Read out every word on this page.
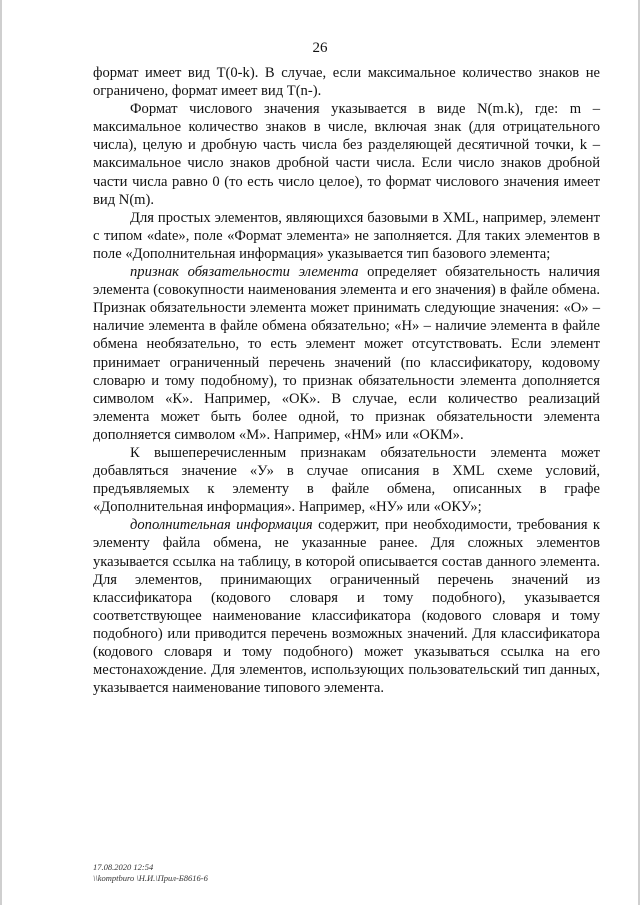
26

формат имеет вид T(0-k). В случае, если максимальное количество знаков не ограничено, формат имеет вид T(n-).

Формат числового значения указывается в виде N(m.k), где: m – максимальное количество знаков в числе, включая знак (для отрицательного числа), целую и дробную часть числа без разделяющей десятичной точки, k – максимальное число знаков дробной части числа. Если число знаков дробной части числа равно 0 (то есть число целое), то формат числового значения имеет вид N(m).

Для простых элементов, являющихся базовыми в XML, например, элемент с типом «date», поле «Формат элемента» не заполняется. Для таких элементов в поле «Дополнительная информация» указывается тип базового элемента;

признак обязательности элемента определяет обязательность наличия элемента (совокупности наименования элемента и его значения) в файле обмена. Признак обязательности элемента может принимать следующие значения: «О» – наличие элемента в файле обмена обязательно; «Н» – наличие элемента в файле обмена необязательно, то есть элемент может отсутствовать. Если элемент принимает ограниченный перечень значений (по классификатору, кодовому словарю и тому подобному), то признак обязательности элемента дополняется символом «К». Например, «ОК». В случае, если количество реализаций элемента может быть более одной, то признак обязательности элемента дополняется символом «М». Например, «НМ» или «ОКМ».

К вышеперечисленным признакам обязательности элемента может добавляться значение «У» в случае описания в XML схеме условий, предъявляемых к элементу в файле обмена, описанных в графе «Дополнительная информация». Например, «НУ» или «ОКУ»;

дополнительная информация содержит, при необходимости, требования к элементу файла обмена, не указанные ранее. Для сложных элементов указывается ссылка на таблицу, в которой описывается состав данного элемента. Для элементов, принимающих ограниченный перечень значений из классификатора (кодового словаря и тому подобного), указывается соответствующее наименование классификатора (кодового словаря и тому подобного) или приводится перечень возможных значений. Для классификатора (кодового словаря и тому подобного) может указываться ссылка на его местонахождение. Для элементов, использующих пользовательский тип данных, указывается наименование типового элемента.

17.08.2020 12:54
\\komptburo \Н.И.\Прил-Б8616-6
